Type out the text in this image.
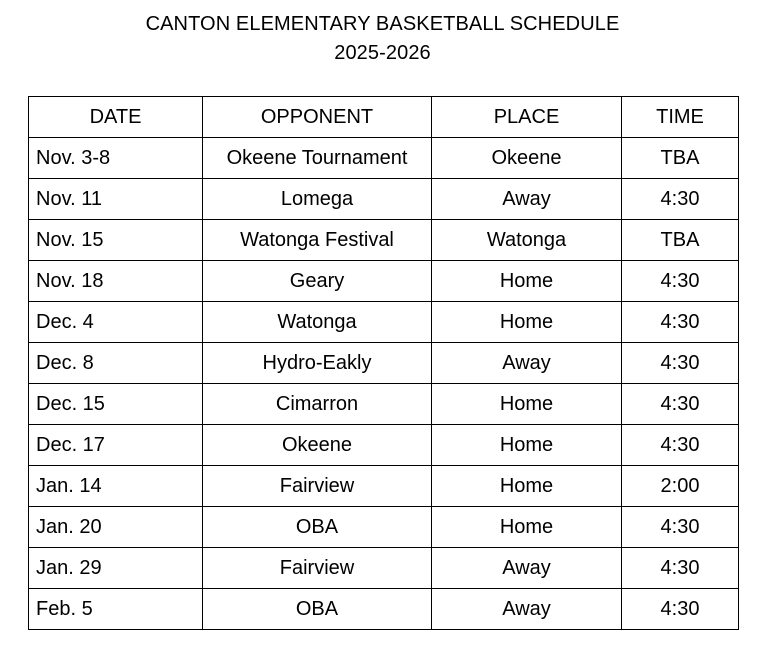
CANTON ELEMENTARY BASKETBALL SCHEDULE
2025-2026
DATE	OPPONENT	PLACE	TIME
Nov. 3-8	Okeene Tournament	Okeene	TBA
Nov. 11	Lomega	Away	4:30
Nov. 15	Watonga Festival	Watonga	TBA
Nov. 18	Geary	Home	4:30
Dec. 4	Watonga	Home	4:30
Dec. 8	Hydro-Eakly	Away	4:30
Dec. 15	Cimarron	Home	4:30
Dec. 17	Okeene	Home	4:30
Jan. 14	Fairview	Home	2:00
Jan. 20	OBA	Home	4:30
Jan. 29	Fairview	Away	4:30
Feb. 5	OBA	Away	4:30
